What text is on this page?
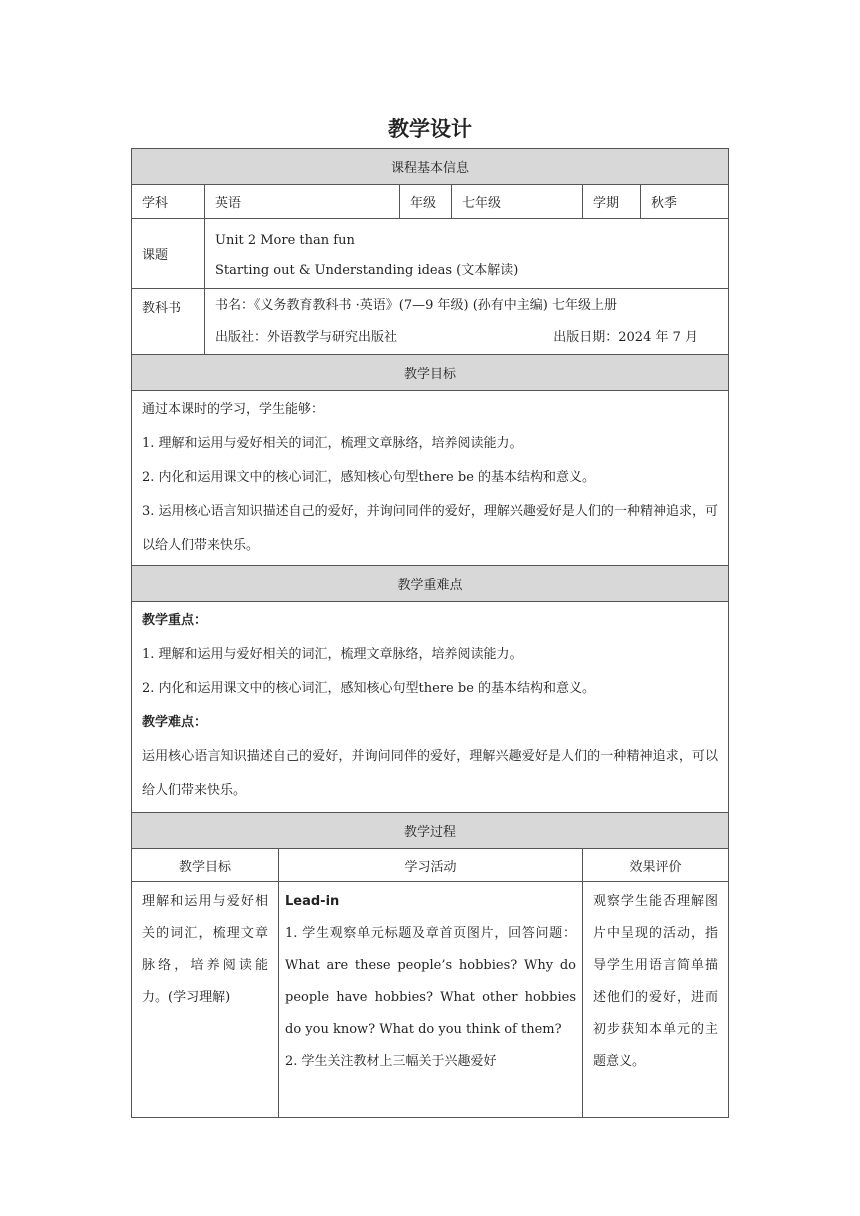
教学设计
课程基本信息						
学科	英语		年级	七年级	学期	秋季
课题	Unit 2 More than fun
Starting out & Understanding ideas (文本解读)					

教科书	书名：《义务教育教科书 ·英语》(7—9 年级) (孙有中主编) 七年级上册
出版社：外语教学与研究出版社 出版日期：2024 年 7 月					

教学目标						

通过本课时的学习，学生能够：

1. 理解和运用与爱好相关的词汇，梳理文章脉络，培养阅读能力。

2. 内化和运用课文中的核心词汇，感知核心句型there be 的基本结构和意义。

3. 运用核心语言知识描述自己的爱好，并询问同伴的爱好，理解兴趣爱好是人们的一种精神追求，可以给人们带来快乐。						

教学重难点						

教学重点：

1. 理解和运用与爱好相关的词汇，梳理文章脉络，培养阅读能力。

2. 内化和运用课文中的核心词汇，感知核心句型there be 的基本结构和意义。

教学难点：

运用核心语言知识描述自己的爱好，并询问同伴的爱好，理解兴趣爱好是人们的一种精神追求，可以给人们带来快乐。						

教学过程						
教学目标		学习活动			效果评价	

理解和运用与爱好相关的词汇，梳理文章脉络，培养阅读能力。(学习理解)		Lead-in

1. 学生观察单元标题及章首页图片，回答问题：What are these people’s hobbies? Why do people have hobbies? What other hobbies do you know? What do you think of them?

2. 学生关注教材上三幅关于兴趣爱好			观察学生能否理解图片中呈现的活动，指导学生用语言简单描述他们的爱好，进而初步获知本单元的主题意义。	
